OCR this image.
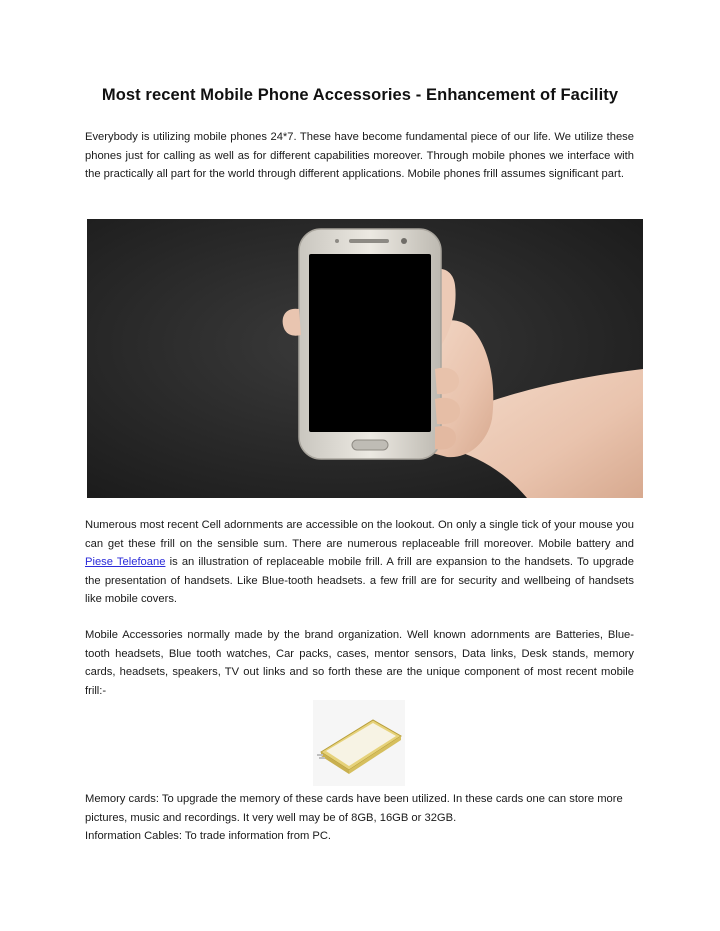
Most recent Mobile Phone Accessories - Enhancement of Facility

Everybody is utilizing mobile phones 24*7. These have become fundamental piece of our life. We utilize these phones just for calling as well as for different capabilities moreover. Through mobile phones we interface with the practically all part for the world through different applications. Mobile phones frill assumes significant part.

Numerous most recent Cell adornments are accessible on the lookout. On only a single tick of your mouse you can get these frill on the sensible sum. There are numerous replaceable frill moreover. Mobile battery and Piese Telefoane is an illustration of replaceable mobile frill. A frill are expansion to the handsets. To upgrade the presentation of handsets. Like Blue-tooth headsets. a few frill are for security and wellbeing of handsets like mobile covers.

Mobile Accessories normally made by the brand organization. Well known adornments are Batteries, Blue-tooth headsets, Blue tooth watches, Car packs, cases, mentor sensors, Data links, Desk stands, memory cards, headsets, speakers, TV out links and so forth these are the unique component of most recent mobile frill:-

Memory cards: To upgrade the memory of these cards have been utilized. In these cards one can store more pictures, music and recordings. It very well may be of 8GB, 16GB or 32GB.
Information Cables: To trade information from PC.
